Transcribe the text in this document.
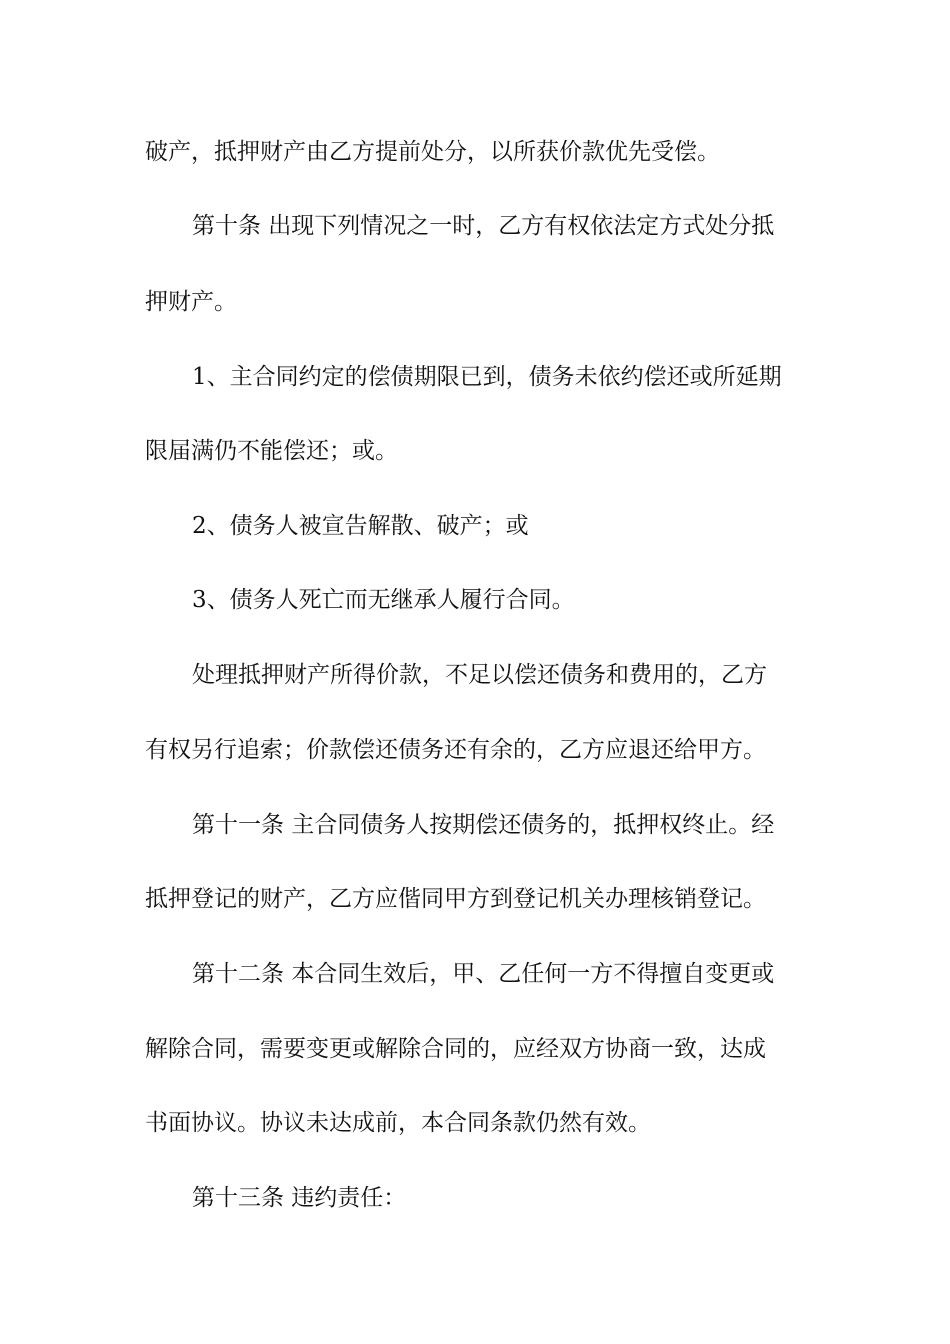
破产，抵押财产由乙方提前处分，以所获价款优先受偿。
第十条 出现下列情况之一时，乙方有权依法定方式处分抵
押财产。
1、主合同约定的偿债期限已到，债务未依约偿还或所延期
限届满仍不能偿还；或。
2、债务人被宣告解散、破产；或
3、债务人死亡而无继承人履行合同。
处理抵押财产所得价款，不足以偿还债务和费用的，乙方
有权另行追索；价款偿还债务还有余的，乙方应退还给甲方。
第十一条 主合同债务人按期偿还债务的，抵押权终止。经
抵押登记的财产，乙方应偕同甲方到登记机关办理核销登记。
第十二条 本合同生效后，甲、乙任何一方不得擅自变更或
解除合同，需要变更或解除合同的，应经双方协商一致，达成
书面协议。协议未达成前，本合同条款仍然有效。
第十三条 违约责任：
